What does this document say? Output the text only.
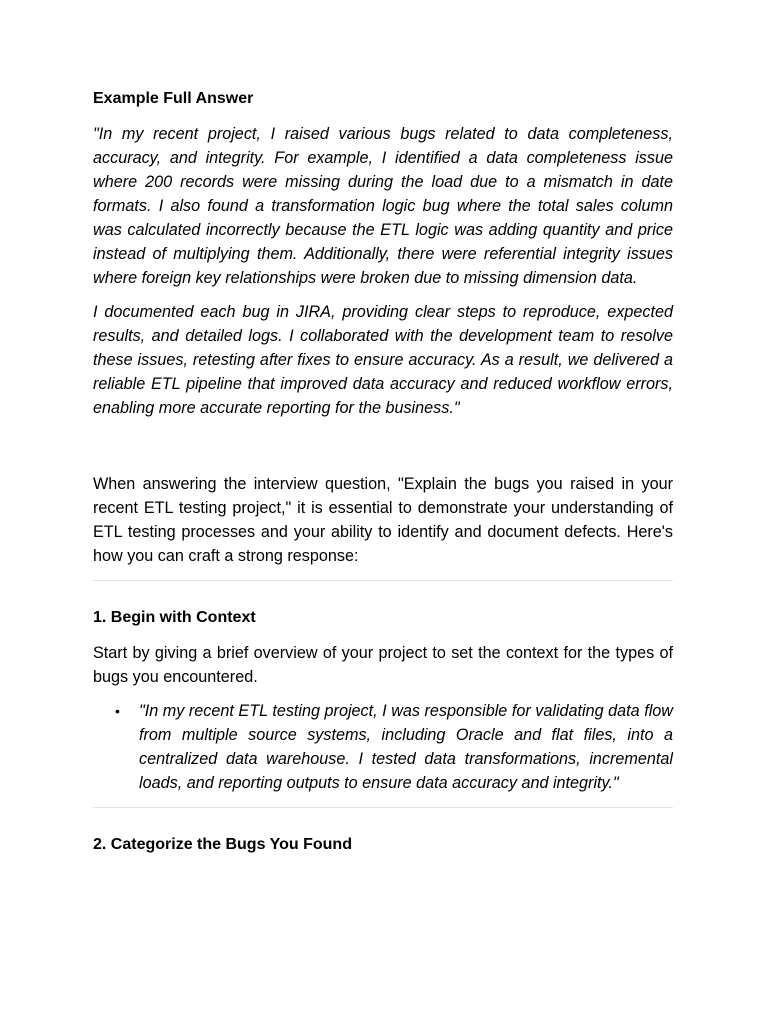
Example Full Answer

"In my recent project, I raised various bugs related to data completeness, accuracy, and integrity. For example, I identified a data completeness issue where 200 records were missing during the load due to a mismatch in date formats. I also found a transformation logic bug where the total sales column was calculated incorrectly because the ETL logic was adding quantity and price instead of multiplying them. Additionally, there were referential integrity issues where foreign key relationships were broken due to missing dimension data.

I documented each bug in JIRA, providing clear steps to reproduce, expected results, and detailed logs. I collaborated with the development team to resolve these issues, retesting after fixes to ensure accuracy. As a result, we delivered a reliable ETL pipeline that improved data accuracy and reduced workflow errors, enabling more accurate reporting for the business."

When answering the interview question, "Explain the bugs you raised in your recent ETL testing project," it is essential to demonstrate your understanding of ETL testing processes and your ability to identify and document defects. Here's how you can craft a strong response:

1. Begin with Context

Start by giving a brief overview of your project to set the context for the types of bugs you encountered.

• "In my recent ETL testing project, I was responsible for validating data flow from multiple source systems, including Oracle and flat files, into a centralized data warehouse. I tested data transformations, incremental loads, and reporting outputs to ensure data accuracy and integrity."
2. Categorize the Bugs You Found
